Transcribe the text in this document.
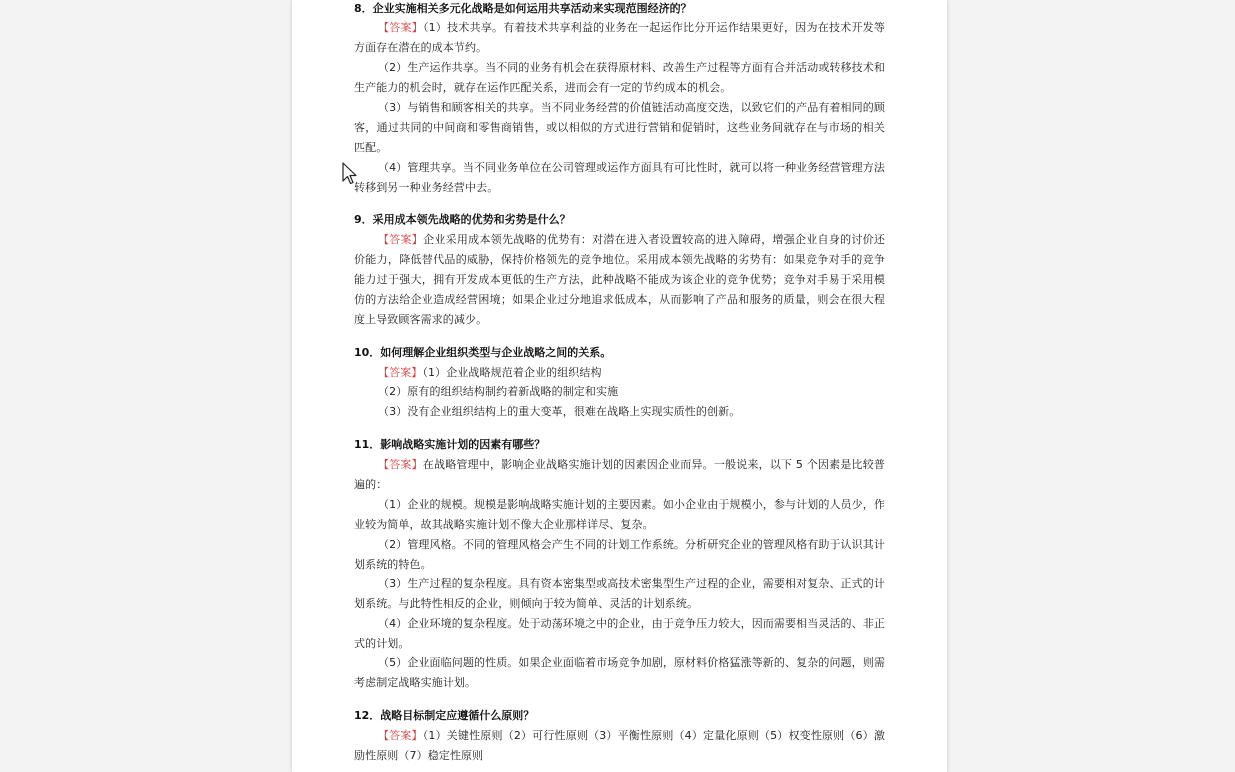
8．企业实施相关多元化战略是如何运用共享活动来实现范围经济的？
【答案】（1）技术共享。有着技术共享利益的业务在一起运作比分开运作结果更好，因为在技术开发等方面存在潜在的成本节约。
（2）生产运作共享。当不同的业务有机会在获得原材料、改善生产过程等方面有合并活动或转移技术和生产能力的机会时，就存在运作匹配关系，进而会有一定的节约成本的机会。
（3）与销售和顾客相关的共享。当不同业务经营的价值链活动高度交迭，以致它们的产品有着相同的顾客，通过共同的中间商和零售商销售，或以相似的方式进行营销和促销时，这些业务间就存在与市场的相关匹配。
（4）管理共享。当不同业务单位在公司管理或运作方面具有可比性时，就可以将一种业务经营管理方法转移到另一种业务经营中去。
9．采用成本领先战略的优势和劣势是什么？
【答案】企业采用成本领先战略的优势有：对潜在进入者设置较高的进入障碍，增强企业自身的讨价还价能力，降低替代品的威胁，保持价格领先的竞争地位。采用成本领先战略的劣势有：如果竞争对手的竞争能力过于强大，拥有开发成本更低的生产方法，此种战略不能成为该企业的竞争优势；竞争对手易于采用模仿的方法给企业造成经营困境；如果企业过分地追求低成本，从而影响了产品和服务的质量，则会在很大程度上导致顾客需求的减少。
10．如何理解企业组织类型与企业战略之间的关系。
【答案】（1）企业战略规范着企业的组织结构
（2）原有的组织结构制约着新战略的制定和实施
（3）没有企业组织结构上的重大变革，很难在战略上实现实质性的创新。
11．影响战略实施计划的因素有哪些？
【答案】在战略管理中，影响企业战略实施计划的因素因企业而异。一般说来，以下 5 个因素是比较普遍的：
（1）企业的规模。规模是影响战略实施计划的主要因素。如小企业由于规模小，参与计划的人员少，作业较为简单，故其战略实施计划不像大企业那样详尽、复杂。
（2）管理风格。不同的管理风格会产生不同的计划工作系统。分析研究企业的管理风格有助于认识其计划系统的特色。
（3）生产过程的复杂程度。具有资本密集型或高技术密集型生产过程的企业，需要相对复杂、正式的计划系统。与此特性相反的企业，则倾向于较为简单、灵活的计划系统。
（4）企业环境的复杂程度。处于动荡环境之中的企业，由于竞争压力较大，因而需要相当灵活的、非正式的计划。
（5）企业面临问题的性质。如果企业面临着市场竞争加剧，原材料价格猛涨等新的、复杂的问题，则需考虑制定战略实施计划。
12．战略目标制定应遵循什么原则？
【答案】（1）关键性原则（2）可行性原则（3）平衡性原则（4）定量化原则（5）权变性原则（6）激励性原则（7）稳定性原则
